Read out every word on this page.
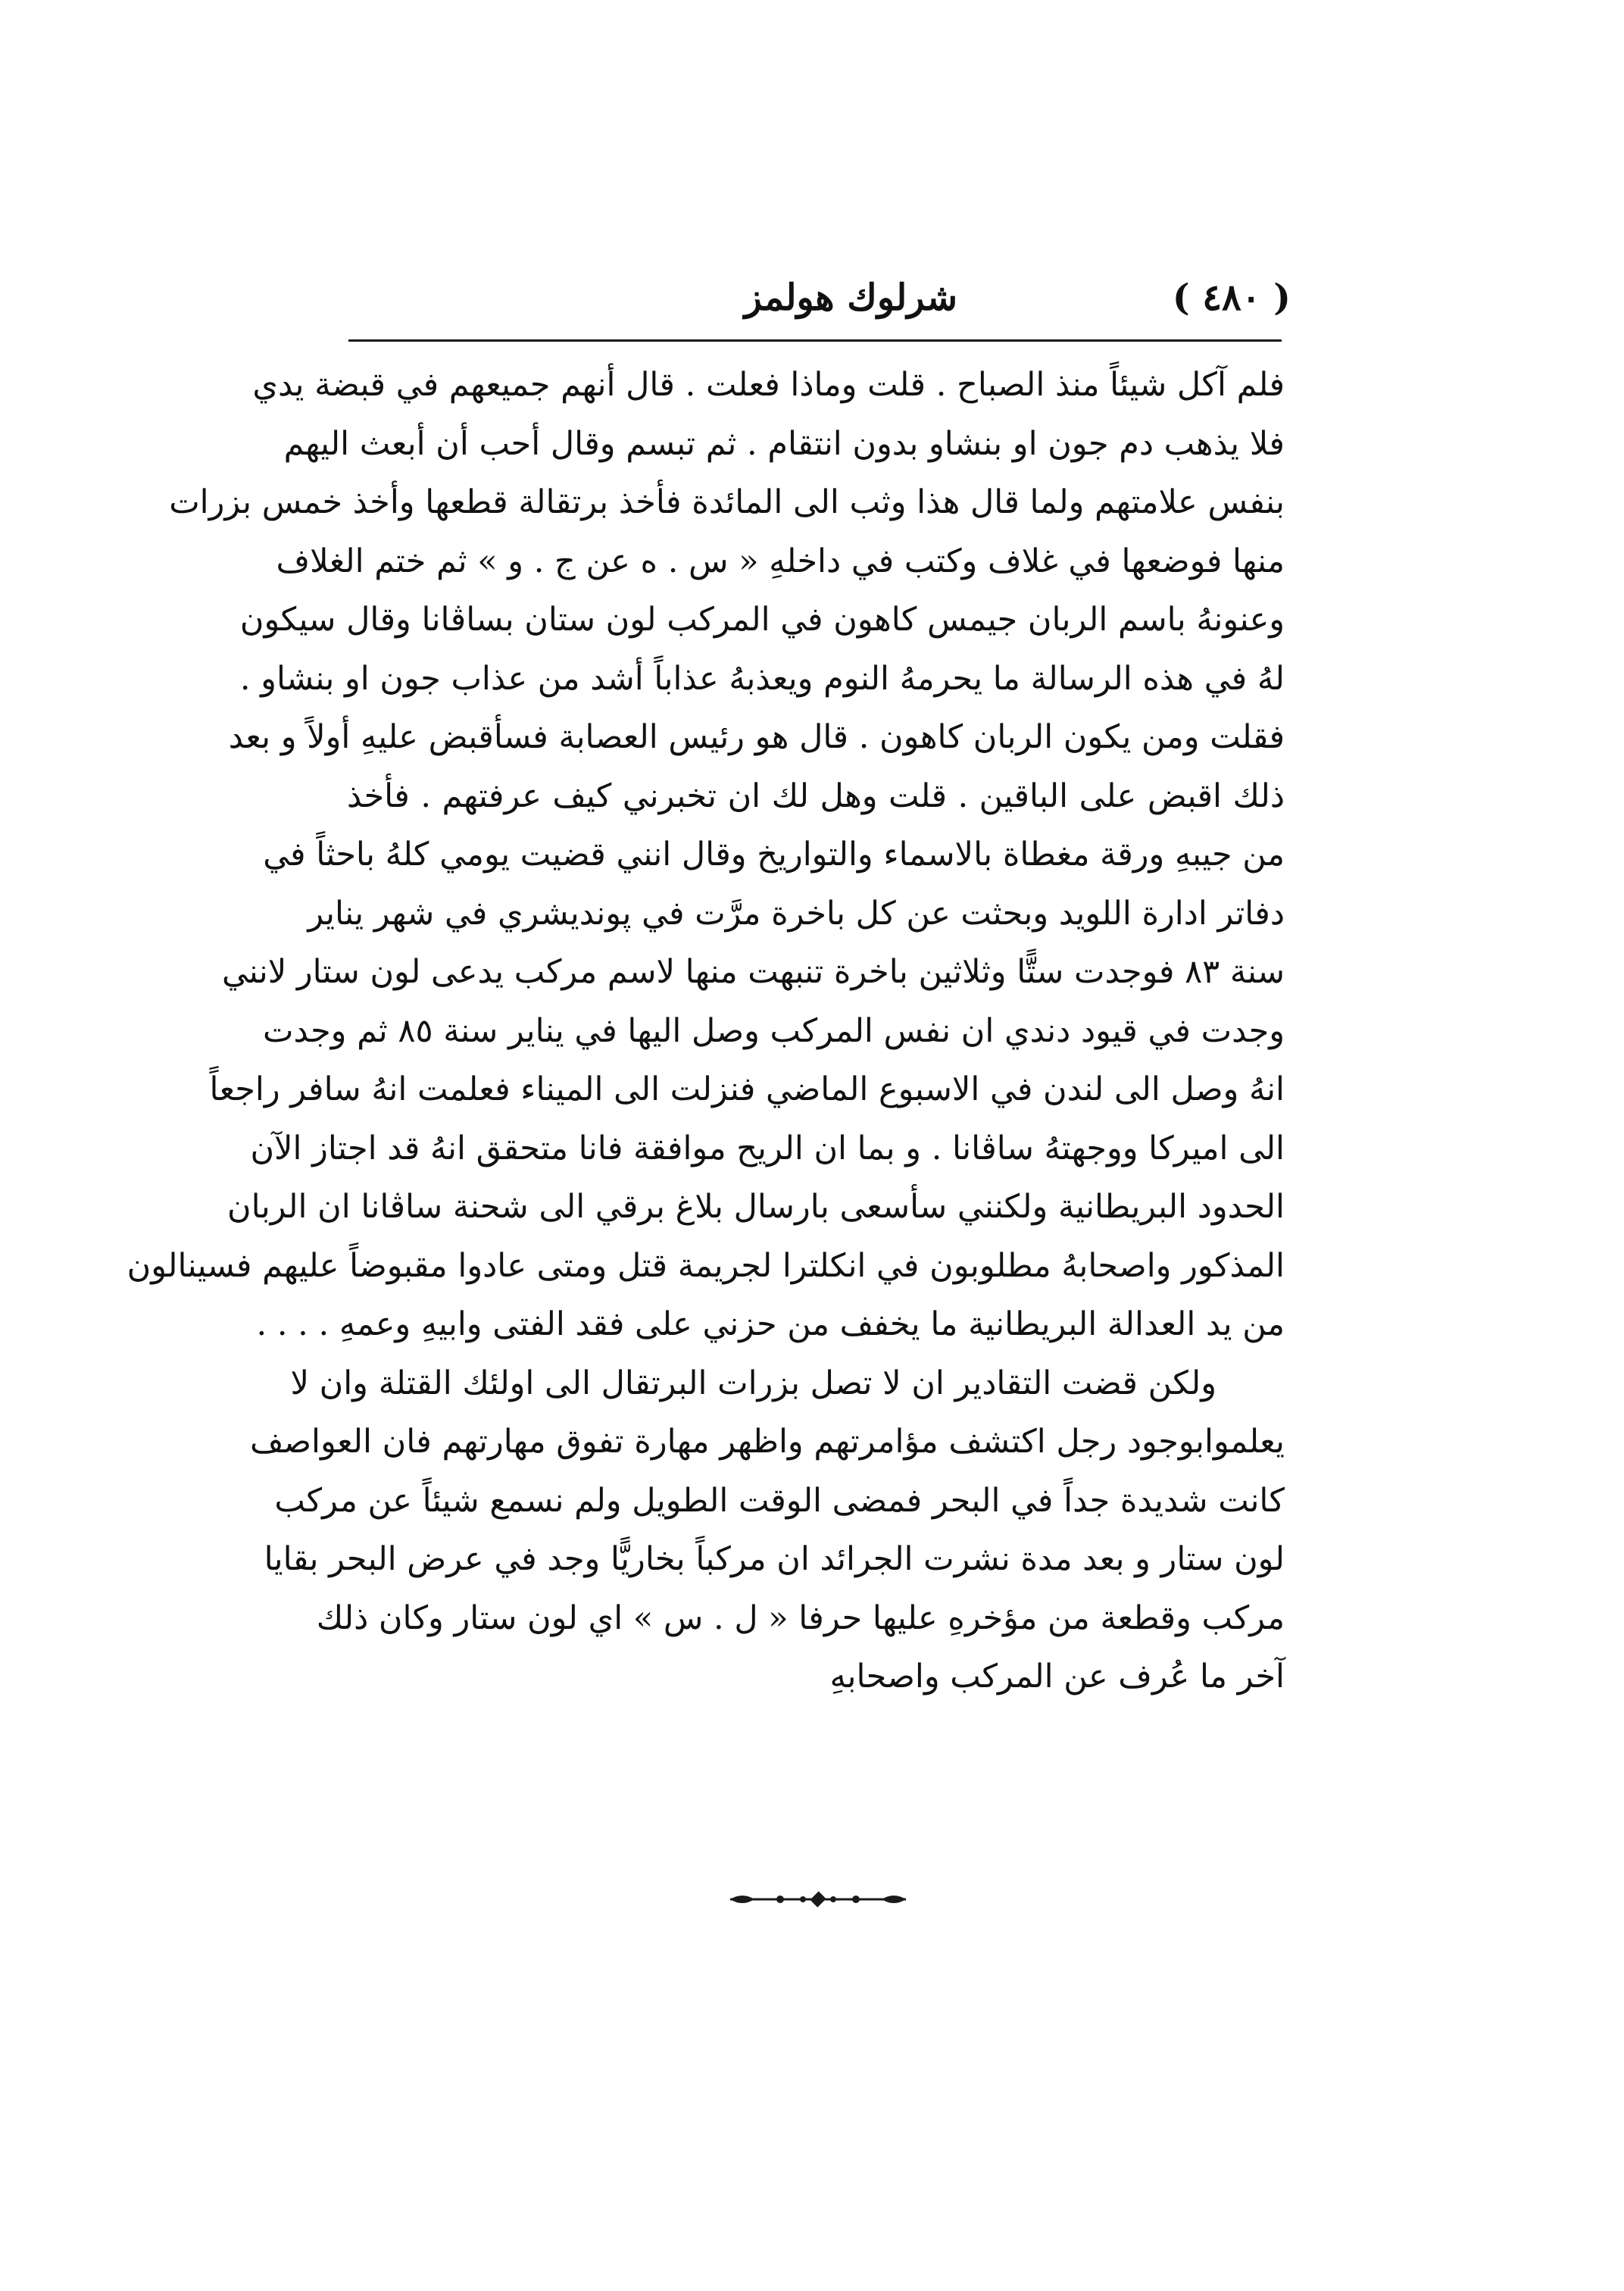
( ٤٨٠ )
شرلوك هولمز
فلم آكل شيئاً منذ الصباح . قلت وماذا فعلت . قال أنهم جميعهم في قبضة يدي
فلا يذهب دم جون او بنشاو بدون انتقام . ثم تبسم وقال أحب أن أبعث اليهم
بنفس علامتهم ولما قال هذا وثب الى المائدة فأخذ برتقالة قطعها وأخذ خمس بزرات
منها فوضعها في غلاف وكتب في داخلهِ « س . ه عن ج . و » ثم ختم الغلاف
وعنونهُ باسم الربان جيمس كاهون في المركب لون ستان بساڤانا وقال سيكون
لهُ في هذه الرسالة ما يحرمهُ النوم ويعذبهُ عذاباً أشد من عذاب جون او بنشاو .
فقلت ومن يكون الربان كاهون . قال هو رئيس العصابة فسأقبض عليهِ أولاً و بعد
ذلك اقبض على الباقين . قلت وهل لك ان تخبرني كيف عرفتهم . فأخذ
من جيبهِ ورقة مغطاة بالاسماء والتواريخ وقال انني قضيت يومي كلهُ باحثاً في
دفاتر ادارة اللويد وبحثت عن كل باخرة مرَّت في پونديشري في شهر يناير
سنة ٨٣ فوجدت ستًّا وثلاثين باخرة تنبهت منها لاسم مركب يدعى لون ستار لانني
وجدت في قيود دندي ان نفس المركب وصل اليها في يناير سنة ٨٥ ثم وجدت
انهُ وصل الى لندن في الاسبوع الماضي فنزلت الى الميناء فعلمت انهُ سافر راجعاً
الى اميركا ووجهتهُ ساڤانا . و بما ان الريح موافقة فانا متحقق انهُ قد اجتاز الآن
الحدود البريطانية ولكنني سأسعى بارسال بلاغ برقي الى شحنة ساڤانا ان الربان
المذكور واصحابهُ مطلوبون في انكلترا لجريمة قتل ومتى عادوا مقبوضاً عليهم فسينالون
من يد العدالة البريطانية ما يخفف من حزني على فقد الفتى وابيهِ وعمهِ . . . .
ولكن قضت التقادير ان لا تصل بزرات البرتقال الى اولئك القتلة وان لا
يعلموابوجود رجل اكتشف مؤامرتهم واظهر مهارة تفوق مهارتهم فان العواصف
كانت شديدة جداً في البحر فمضى الوقت الطويل ولم نسمع شيئاً عن مركب
لون ستار و بعد مدة نشرت الجرائد ان مركباً بخاريًّا وجد في عرض البحر بقايا
مركب وقطعة من مؤخرهِ عليها حرفا « ل . س » اي لون ستار وكان ذلك
آخر ما عُرف عن المركب واصحابهِ
